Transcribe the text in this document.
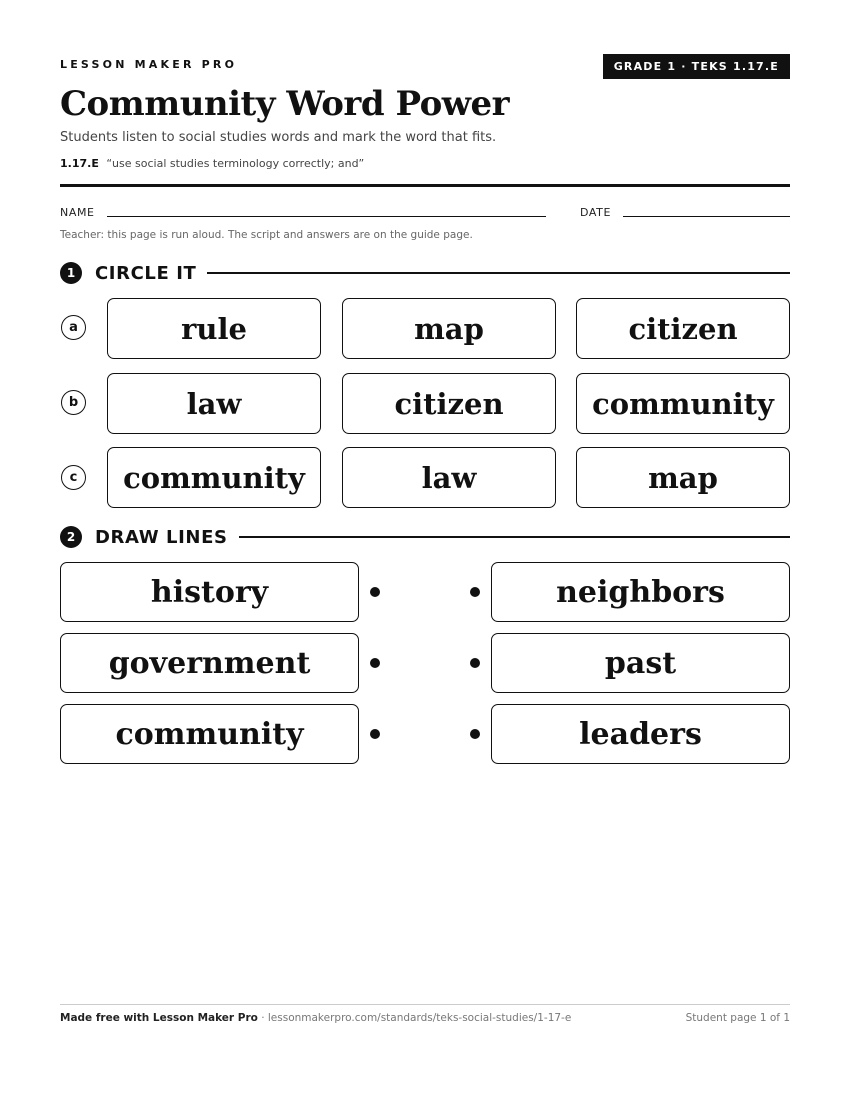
LESSON MAKER PRO	GRADE 1 · TEKS 1.17.E
Community Word Power
Students listen to social studies words and mark the word that fits.
1.17.E “use social studies terminology correctly; and”
NAME	DATE
Teacher: this page is run aloud. The script and answers are on the guide page.
1	CIRCLE IT
a	rule	map	citizen
b	law	citizen	community
c	community	law	map
2	DRAW LINES
history	neighbors
government	past
community	leaders
Made free with Lesson Maker Pro · lessonmakerpro.com/standards/teks-social-studies/1-17-e	Student page 1 of 1
